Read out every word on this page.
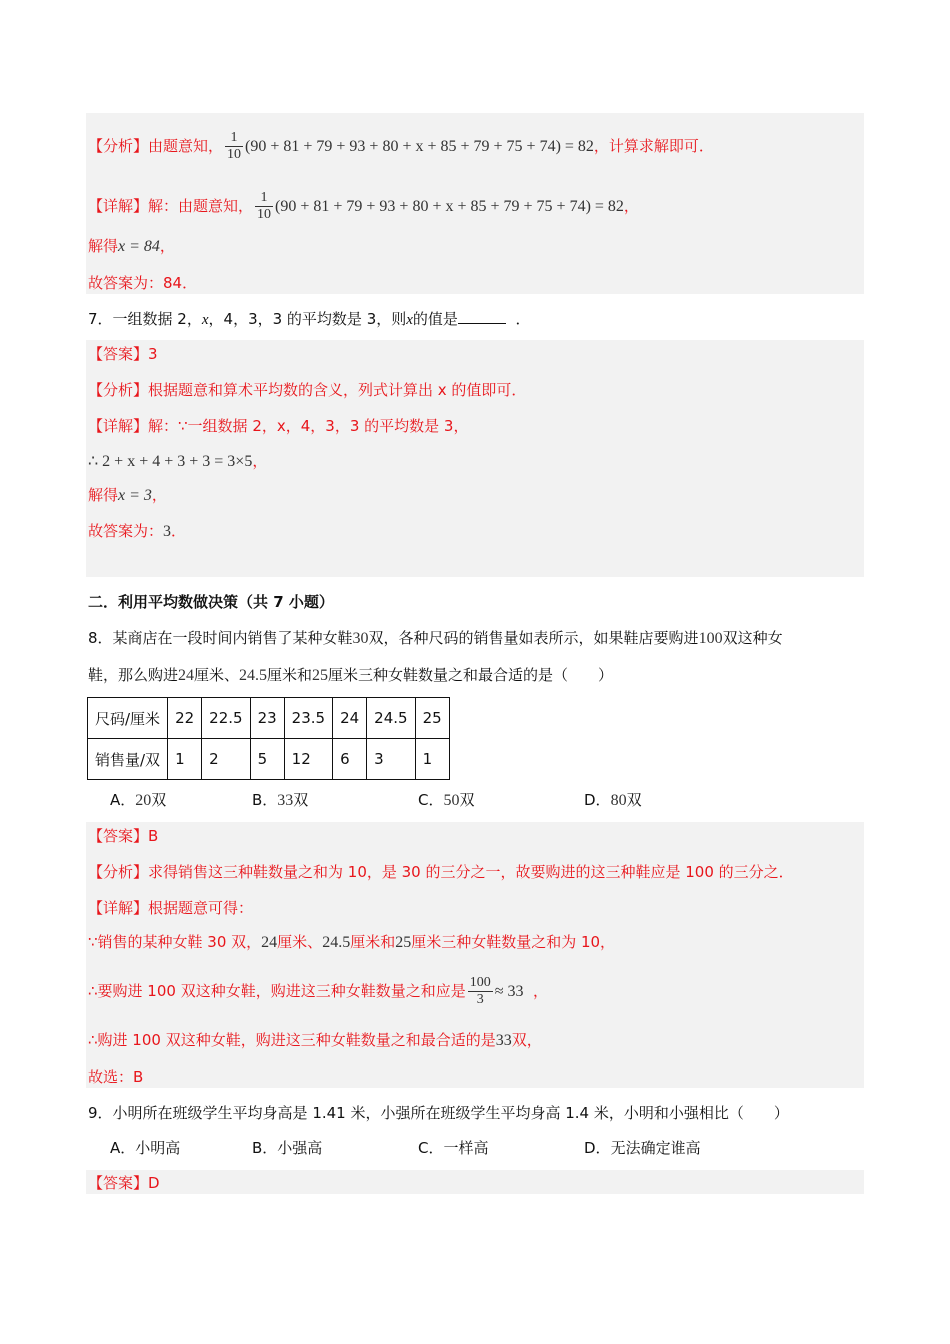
【分析】由题意知， $\frac{1}{10} (90 + 81 + 79 + 93 + 80 + x + 85 + 79 + 75 + 74) = 82$，计算求解即可．
【详解】解：由题意知， $\frac{1}{10} (90 + 81 + 79 + 93 + 80 + x + 85 + 79 + 75 + 74) = 82$，
解得x = 84，
故答案为：84．
7．一组数据 2，x，4，3，3 的平均数是 3，则x的值是	．
【答案】3
【分析】根据题意和算术平均数的含义，列式计算出 x 的值即可．
【详解】解：∵一组数据 2，x，4，3，3 的平均数是 3，
∴ 2 + x + 4 + 3 + 3 = 3×5，
解得x = 3，
故答案为：3．
二．利用平均数做决策（共 7 小题）
8．某商店在一段时间内销售了某种女鞋30双，各种尺码的销售量如表所示，如果鞋店要购进100双这种女
鞋，那么购进24厘米、24.5厘米和25厘米三种女鞋数量之和最合适的是（　　）
尺码/厘米	22	22.5	23	23.5	24	24.5	25
销售量/双	1	2	5	12	6	3	1
A．20双	B．33双	C．50双	D．80双
【答案】B
【分析】求得销售这三种鞋数量之和为 10，是 30 的三分之一，故要购进的这三种鞋应是 100 的三分之．
【详解】根据题意可得：
∵销售的某种女鞋 30 双，24厘米、24.5厘米和25厘米三种女鞋数量之和为 10，
∴要购进 100 双这种女鞋，购进这三种女鞋数量之和应是 $\frac{100}{3} \approx 33$ ，
∴购进 100 双这种女鞋，购进这三种女鞋数量之和最合适的是33双，
故选：B
9．小明所在班级学生平均身高是 1.41 米，小强所在班级学生平均身高 1.4 米，小明和小强相比（　　）
A．小明高	B．小强高	C．一样高	D．无法确定谁高
【答案】D
